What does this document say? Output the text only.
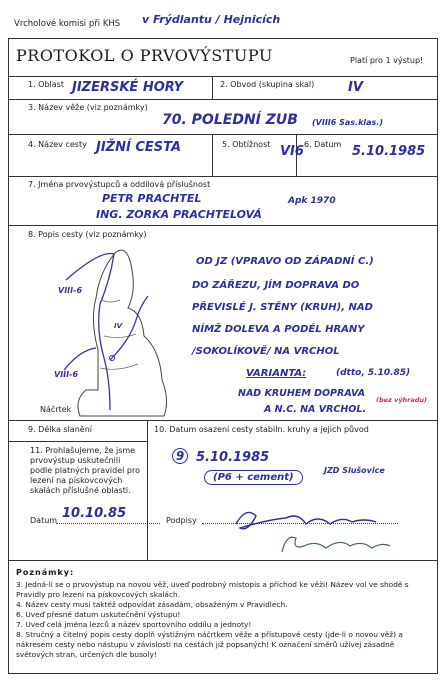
Vrcholové komisi při KHS v Frýdlantu / Hejnicích
PROTOKOL O PRVOVÝSTUPU	Platí pro 1 výstup!
1. Oblast JIZERSKÉ HORY	2. Obvod (skupina skal)	IV
3. Název věže (viz poznámky)
70. POLEDNÍ ZUB (VIII6 Sas.klas.)
4. Název cesty JIŽNÍ CESTA	5. Obtížnost VI6 6. Datum 5.10.1985
7. Jména prvovýstupců a oddílová příslušnost
PETR PRACHTEL
ING. ZORKA PRACHTELOVÁ
Apk 1970
8. Popis cesty (viz poznámky)
VIII-6
VIII-6
IV
Náčrtek
OD JZ (VPRAVO OD ZÁPADNÍ C.)
DO ZÁŘEZU, JÍM DOPRAVA DO
PŘEVISLÉ J. STĚNY (KRUH), NAD
NÍMŽ DOLEVA A PODÉL HRANY
/SOKOLÍKOVĚ/ NA VRCHOL
VARIANTA:	(dtto, 5.10.85)
NAD KRUHEM DOPRAVA
A N.C. NA VRCHOL.
(bez výhradu)
9. Délka slanění	10. Datum osazení cesty stabiln. kruhy a jejich původ
11. Prohlašujeme, že jsme prvovýstup uskutečnili podle platných pravidel pro lezení na pískovcových skalách příslušné oblasti.
9 5.10.1985
(P6 + cement)
JZD Slušovice
Datum 10.10.85	Podpisy
Poznámky:
3. Jedná-li se o prvovýstup na novou věž, uveď podrobný místopis a přichod ke věži! Název vol ve shodě s Pravidly pro lezení na pískovcových skalách.
4. Název cesty musí taktéž odpovídat zásadám, obsaženým v Pravidlech.
6. Uveď přesné datum uskutečnění výstupu!
7. Uveď celá jména lezců a název sportovního oddílu a jednoty!
8. Stručný a čitelný popis cesty doplň výstižným náčrtkem věže a přístupové cesty (jde-li o novou věž) a nákresem cesty nebo nástupu v závislosti na cestách již popsaných! K označení směrů užívej zásadně světových stran, určených dle busoly!
